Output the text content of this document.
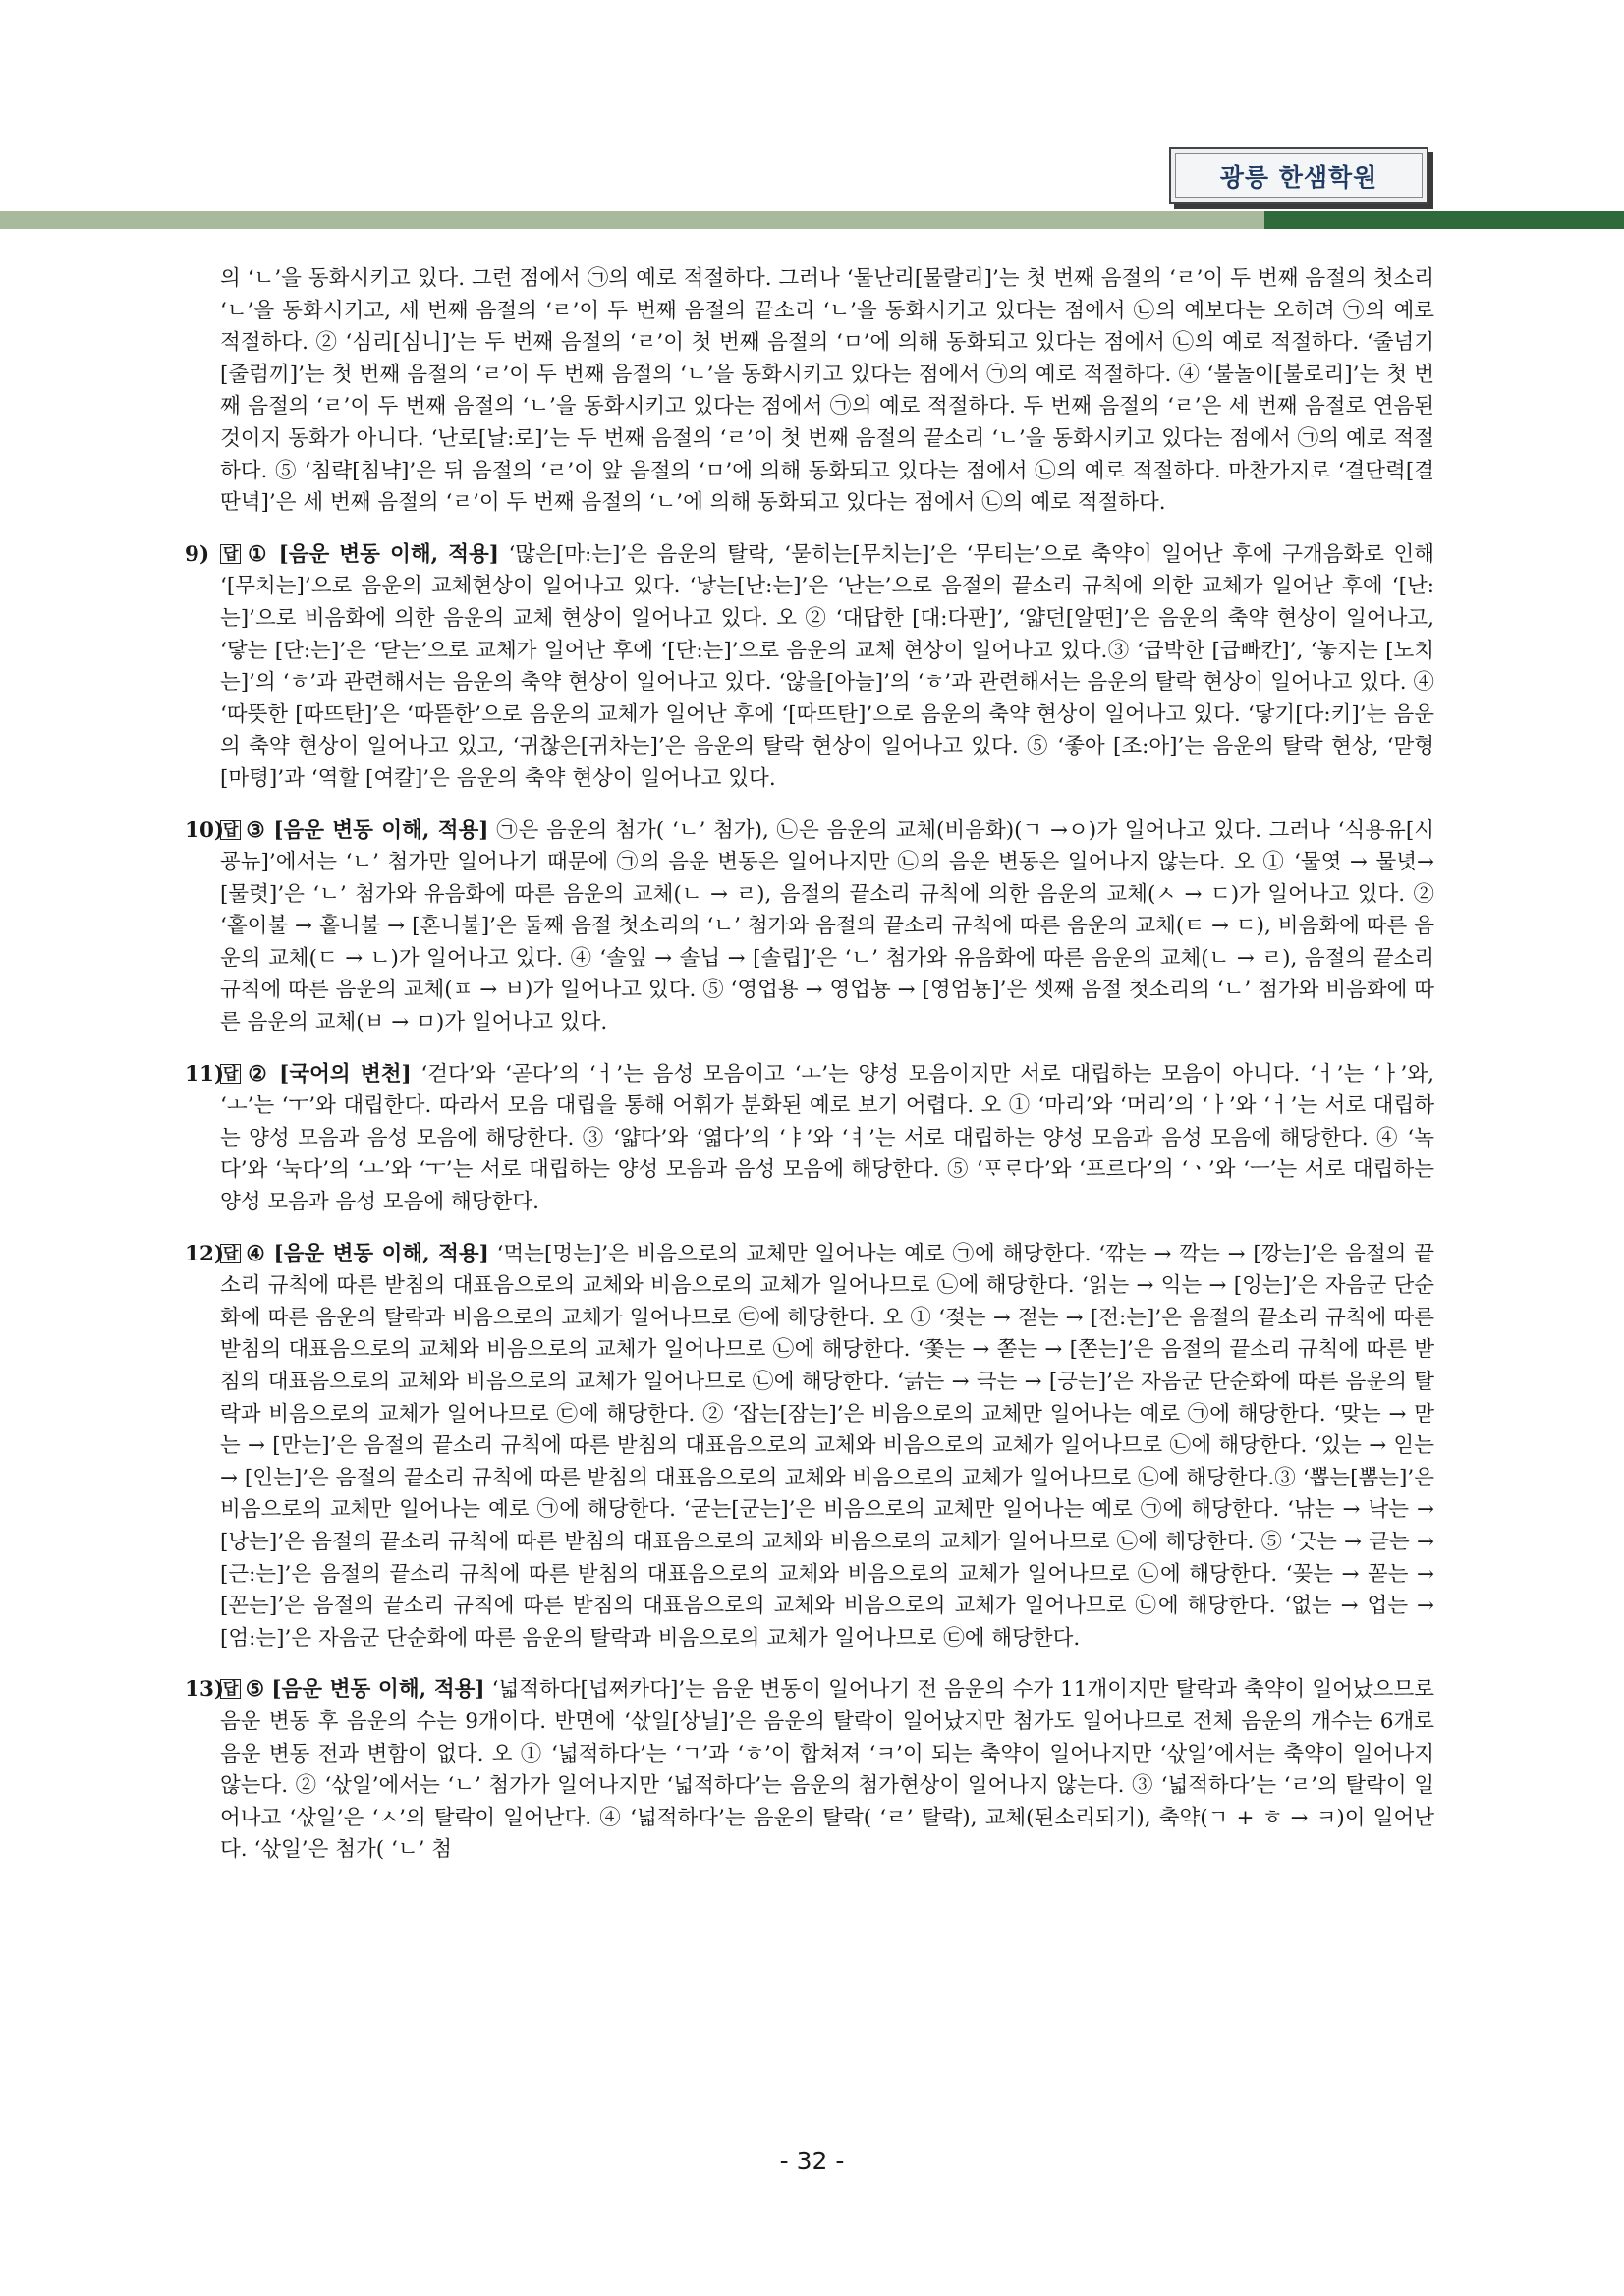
광릉 한샘학원

의 ‘ㄴ’을 동화시키고 있다. 그런 점에서 ㉠의 예로 적절하다. 그러나 ‘물난리[물랄리]’는 첫 번째 음절의 ‘ㄹ’이 두 번째 음절의 첫소리 ‘ㄴ’을 동화시키고, 세 번째 음절의 ‘ㄹ’이 두 번째 음절의 끝소리 ‘ㄴ’을 동화시키고 있다는 점에서 ㉡의 예보다는 오히려 ㉠의 예로 적절하다. ② ‘심리[심니]’는 두 번째 음절의 ‘ㄹ’이 첫 번째 음절의 ‘ㅁ’에 의해 동화되고 있다는 점에서 ㉡의 예로 적절하다. ‘줄넘기[줄럼끼]’는 첫 번째 음절의 ‘ㄹ’이 두 번째 음절의 ‘ㄴ’을 동화시키고 있다는 점에서 ㉠의 예로 적절하다. ④ ‘불놀이[불로리]’는 첫 번째 음절의 ‘ㄹ’이 두 번째 음절의 ‘ㄴ’을 동화시키고 있다는 점에서 ㉠의 예로 적절하다. 두 번째 음절의 ‘ㄹ’은 세 번째 음절로 연음된 것이지 동화가 아니다. ‘난로[날:로]’는 두 번째 음절의 ‘ㄹ’이 첫 번째 음절의 끝소리 ‘ㄴ’을 동화시키고 있다는 점에서 ㉠의 예로 적절하다. ⑤ ‘침략[침냑]’은 뒤 음절의 ‘ㄹ’이 앞 음절의 ‘ㅁ’에 의해 동화되고 있다는 점에서 ㉡의 예로 적절하다. 마찬가지로 ‘결단력[결딴녁]’은 세 번째 음절의 ‘ㄹ’이 두 번째 음절의 ‘ㄴ’에 의해 동화되고 있다는 점에서 ㉡의 예로 적절하다.

9) 답 ① [음운 변동 이해, 적용] ‘많은[마:는]’은 음운의 탈락, ‘묻히는[무치는]’은 ‘무티는’으로 축약이 일어난 후에 구개음화로 인해 ‘[무치는]’으로 음운의 교체현상이 일어나고 있다. ‘낳는[난:는]’은 ‘난는’으로 음절의 끝소리 규칙에 의한 교체가 일어난 후에 ‘[난:는]’으로 비음화에 의한 음운의 교체 현상이 일어나고 있다. 오 ② ‘대답한 [대:다판]’, ‘얇던[알떤]’은 음운의 축약 현상이 일어나고, ‘닿는 [단:는]’은 ‘닫는’으로 교체가 일어난 후에 ‘[단:는]’으로 음운의 교체 현상이 일어나고 있다.③ ‘급박한 [급빠칸]’, ‘놓지는 [노치는]’의 ‘ㅎ’과 관련해서는 음운의 축약 현상이 일어나고 있다. ‘않을[아늘]’의 ‘ㅎ’과 관련해서는 음운의 탈락 현상이 일어나고 있다. ④ ‘따뜻한 [따뜨탄]’은 ‘따뜯한’으로 음운의 교체가 일어난 후에 ‘[따뜨탄]’으로 음운의 축약 현상이 일어나고 있다. ‘닿기[다:키]’는 음운의 축약 현상이 일어나고 있고, ‘귀찮은[귀차는]’은 음운의 탈락 현상이 일어나고 있다. ⑤ ‘좋아 [조:아]’는 음운의 탈락 현상, ‘맏형[마텽]’과 ‘역할 [여칼]’은 음운의 축약 현상이 일어나고 있다.
10)
답 ③ [음운 변동 이해, 적용] ㉠은 음운의 첨가( ‘ㄴ’ 첨가), ㉡은 음운의 교체(비음화)(ㄱ →ㅇ)가 일어나고 있다. 그러나 ‘식용유[시굥뉴]’에서는 ‘ㄴ’ 첨가만 일어나기 때문에 ㉠의 음운 변동은 일어나지만 ㉡의 음운 변동은 일어나지 않는다. 오 ① ‘물엿 → 물녓→ [물렷]’은 ‘ㄴ’ 첨가와 유음화에 따른 음운의 교체(ㄴ → ㄹ), 음절의 끝소리 규칙에 의한 음운의 교체(ㅅ → ㄷ)가 일어나고 있다. ② ‘홑이불 → 홑니불 → [혼니불]’은 둘째 음절 첫소리의 ‘ㄴ’ 첨가와 음절의 끝소리 규칙에 따른 음운의 교체(ㅌ → ㄷ), 비음화에 따른 음운의 교체(ㄷ → ㄴ)가 일어나고 있다. ④ ‘솔잎 → 솔닙 → [솔립]’은 ‘ㄴ’ 첨가와 유음화에 따른 음운의 교체(ㄴ → ㄹ), 음절의 끝소리 규칙에 따른 음운의 교체(ㅍ → ㅂ)가 일어나고 있다. ⑤ ‘영업용 → 영업뇽 → [영엄뇽]’은 셋째 음절 첫소리의 ‘ㄴ’ 첨가와 비음화에 따른 음운의 교체(ㅂ → ㅁ)가 일어나고 있다.
11)
답 ② [국어의 변천] ‘걷다’와 ‘곧다’의 ‘ㅓ’는 음성 모음이고 ‘ㅗ’는 양성 모음이지만 서로 대립하는 모음이 아니다. ‘ㅓ’는 ‘ㅏ’와, ‘ㅗ’는 ‘ㅜ’와 대립한다. 따라서 모음 대립을 통해 어휘가 분화된 예로 보기 어렵다. 오 ① ‘마리’와 ‘머리’의 ‘ㅏ’와 ‘ㅓ’는 서로 대립하는 양성 모음과 음성 모음에 해당한다. ③ ‘얇다’와 ‘엷다’의 ‘ㅑ’와 ‘ㅕ’는 서로 대립하는 양성 모음과 음성 모음에 해당한다. ④ ‘녹다’와 ‘눅다’의 ‘ㅗ’와 ‘ㅜ’는 서로 대립하는 양성 모음과 음성 모음에 해당한다. ⑤ ‘ᄑᆞᄅᆞ다’와 ‘프르다’의 ‘ㆍ’와 ‘ㅡ’는 서로 대립하는 양성 모음과 음성 모음에 해당한다.
12)
답 ④ [음운 변동 이해, 적용] ‘먹는[멍는]’은 비음으로의 교체만 일어나는 예로 ㉠에 해당한다. ‘깎는 → 깍는 → [깡는]’은 음절의 끝소리 규칙에 따른 받침의 대표음으로의 교체와 비음으로의 교체가 일어나므로 ㉡에 해당한다. ‘읽는 → 익는 → [잉는]’은 자음군 단순화에 따른 음운의 탈락과 비음으로의 교체가 일어나므로 ㉢에 해당한다. 오 ① ‘젖는 → 젇는 → [전:는]’은 음절의 끝소리 규칙에 따른 받침의 대표음으로의 교체와 비음으로의 교체가 일어나므로 ㉡에 해당한다. ‘쫓는 → 쫃는 → [쫀는]’은 음절의 끝소리 규칙에 따른 받침의 대표음으로의 교체와 비음으로의 교체가 일어나므로 ㉡에 해당한다. ‘긁는 → 극는 → [긍는]’은 자음군 단순화에 따른 음운의 탈락과 비음으로의 교체가 일어나므로 ㉢에 해당한다. ② ‘잡는[잠는]’은 비음으로의 교체만 일어나는 예로 ㉠에 해당한다. ‘맞는 → 맏는 → [만는]’은 음절의 끝소리 규칙에 따른 받침의 대표음으로의 교체와 비음으로의 교체가 일어나므로 ㉡에 해당한다. ‘있는 → 읻는 → [인는]’은 음절의 끝소리 규칙에 따른 받침의 대표음으로의 교체와 비음으로의 교체가 일어나므로 ㉡에 해당한다.③ ‘뽑는[뽐는]’은 비음으로의 교체만 일어나는 예로 ㉠에 해당한다. ‘굳는[군는]’은 비음으로의 교체만 일어나는 예로 ㉠에 해당한다. ‘낚는 → 낙는 → [낭는]’은 음절의 끝소리 규칙에 따른 받침의 대표음으로의 교체와 비음으로의 교체가 일어나므로 ㉡에 해당한다. ⑤ ‘긋는 → 귿는 → [근:는]’은 음절의 끝소리 규칙에 따른 받침의 대표음으로의 교체와 비음으로의 교체가 일어나므로 ㉡에 해당한다. ‘꽂는 → 꼳는 → [꼰는]’은 음절의 끝소리 규칙에 따른 받침의 대표음으로의 교체와 비음으로의 교체가 일어나므로 ㉡에 해당한다. ‘없는 → 업는 → [엄:는]’은 자음군 단순화에 따른 음운의 탈락과 비음으로의 교체가 일어나므로 ㉢에 해당한다.
13)
답 ⑤ [음운 변동 이해, 적용] ‘넓적하다[넙쩌카다]’는 음운 변동이 일어나기 전 음운의 수가 11개이지만 탈락과 축약이 일어났으므로 음운 변동 후 음운의 수는 9개이다. 반면에 ‘삯일[상닐]’은 음운의 탈락이 일어났지만 첨가도 일어나므로 전체 음운의 개수는 6개로 음운 변동 전과 변함이 없다. 오 ① ‘넓적하다’는 ‘ㄱ’과 ‘ㅎ’이 합쳐져 ‘ㅋ’이 되는 축약이 일어나지만 ‘삯일’에서는 축약이 일어나지 않는다. ② ‘삯일’에서는 ‘ㄴ’ 첨가가 일어나지만 ‘넓적하다’는 음운의 첨가현상이 일어나지 않는다. ③ ‘넓적하다’는 ‘ㄹ’의 탈락이 일어나고 ‘삯일’은 ‘ㅅ’의 탈락이 일어난다. ④ ‘넓적하다’는 음운의 탈락( ‘ㄹ’ 탈락), 교체(된소리되기), 축약(ㄱ + ㅎ → ㅋ)이 일어난다. ‘삯일’은 첨가( ‘ㄴ’ 첨
- 32 -
